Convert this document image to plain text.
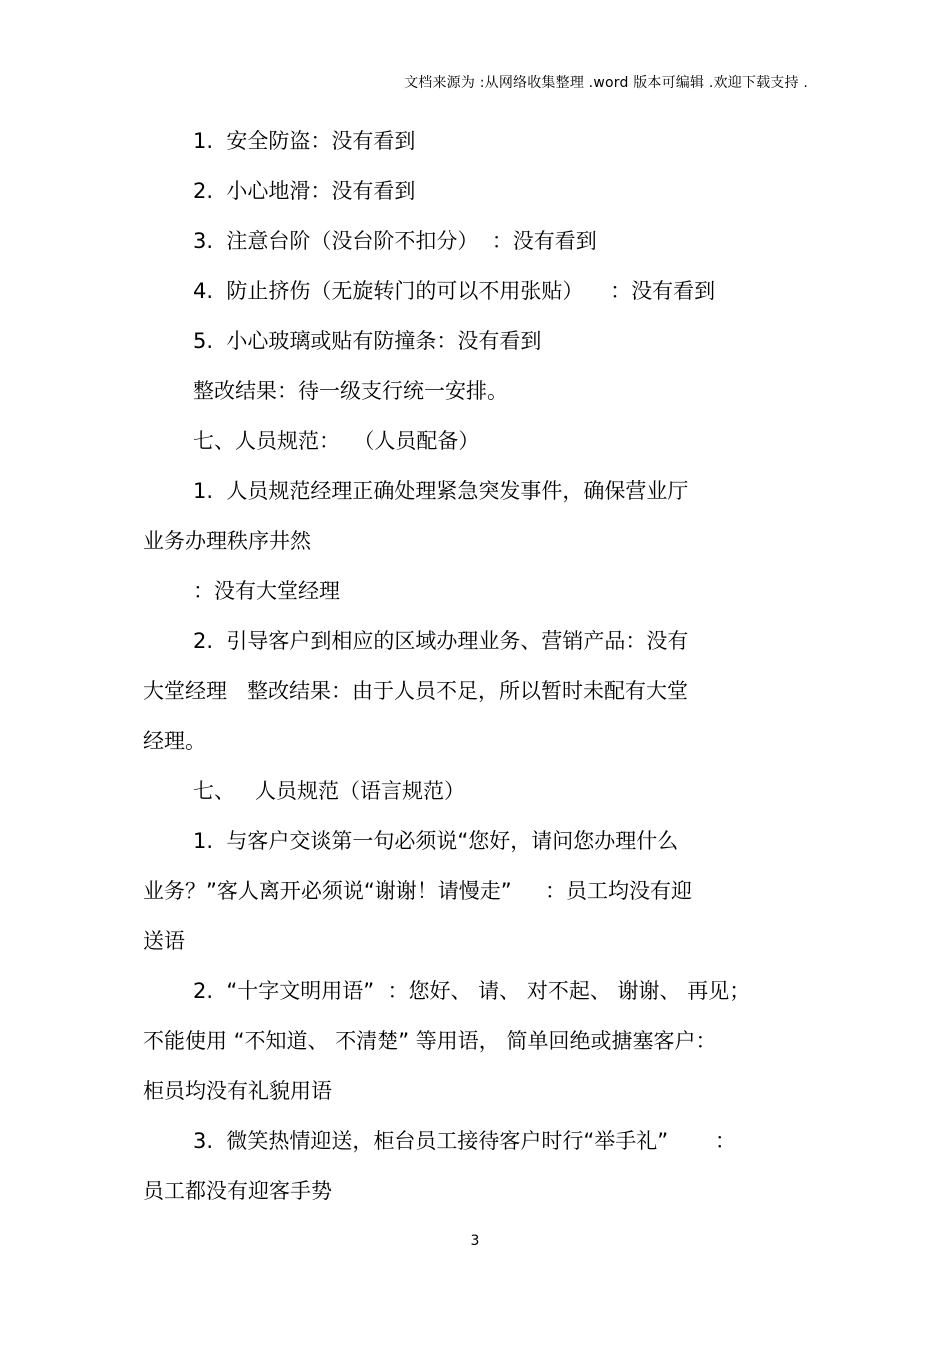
文档来源为 :从网络收集整理 .word 版本可编辑 .欢迎下载支持 .
1.  安全防盗：没有看到
2.  小心地滑：没有看到
3.  注意台阶（没台阶不扣分）  ：没有看到
4.  防止挤伤（无旋转门的可以不用张贴）    ：没有看到
5.  小心玻璃或贴有防撞条：没有看到
整改结果：待一级支行统一安排。
七、人员规范：  （人员配备）
1.  人员规范经理正确处理紧急突发事件，确保营业厅
业务办理秩序井然
：没有大堂经理
2.  引导客户到相应的区域办理业务、营销产品：没有
大堂经理   整改结果：由于人员不足，所以暂时未配有大堂
经理。
七、   人员规范（语言规范）
1.  与客户交谈第一句必须说“您好，请问您办理什么
业务？”客人离开必须说“谢谢！请慢走”     ：员工均没有迎
送语
2.  “十字文明用语”  ：您好、 请、 对不起、 谢谢、 再见；
不能使用 “不知道、 不清楚” 等用语， 简单回绝或搪塞客户：
柜员均没有礼貌用语
3.  微笑热情迎送，柜台员工接待客户时行“举手礼”       ：
员工都没有迎客手势
3
